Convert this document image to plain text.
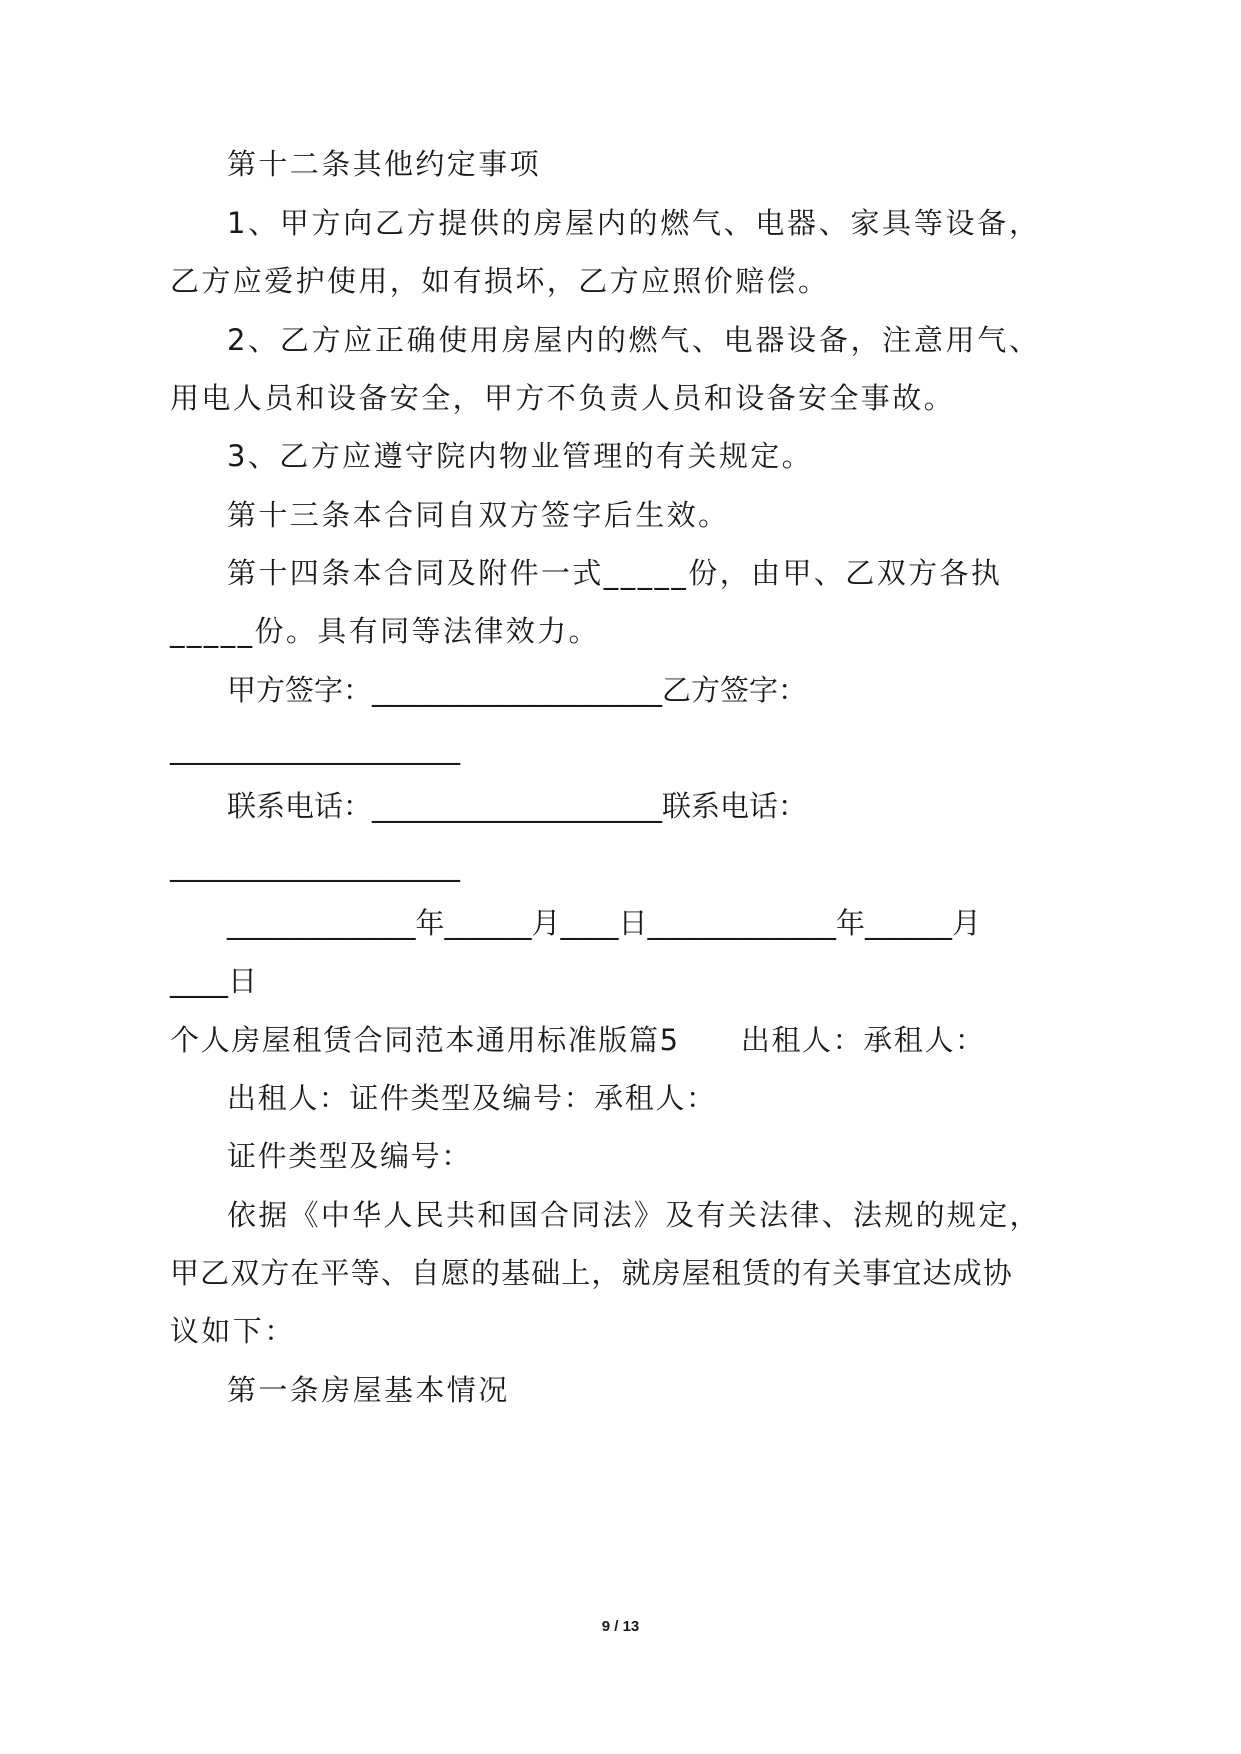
第十二条其他约定事项
1、甲方向乙方提供的房屋内的燃气、电器、家具等设备，
乙方应爱护使用，如有损坏，乙方应照价赔偿。
2、乙方应正确使用房屋内的燃气、电器设备，注意用气、
用电人员和设备安全，甲方不负责人员和设备安全事故。
3、乙方应遵守院内物业管理的有关规定。
第十三条本合同自双方签字后生效。
第十四条本合同及附件一式_____份，由甲、乙双方各执
_____份。具有同等法律效力。
甲方签字：____________________乙方签字：
____________________
联系电话：____________________联系电话：
____________________
_____________年______月____日_____________年______月
____日
个人房屋租赁合同范本通用标准版篇5　　出租人：承租人：
出租人：证件类型及编号：承租人：
证件类型及编号：
依据《中华人民共和国合同法》及有关法律、法规的规定，
甲乙双方在平等、自愿的基础上，就房屋租赁的有关事宜达成协
议如下：
第一条房屋基本情况
9 / 13
